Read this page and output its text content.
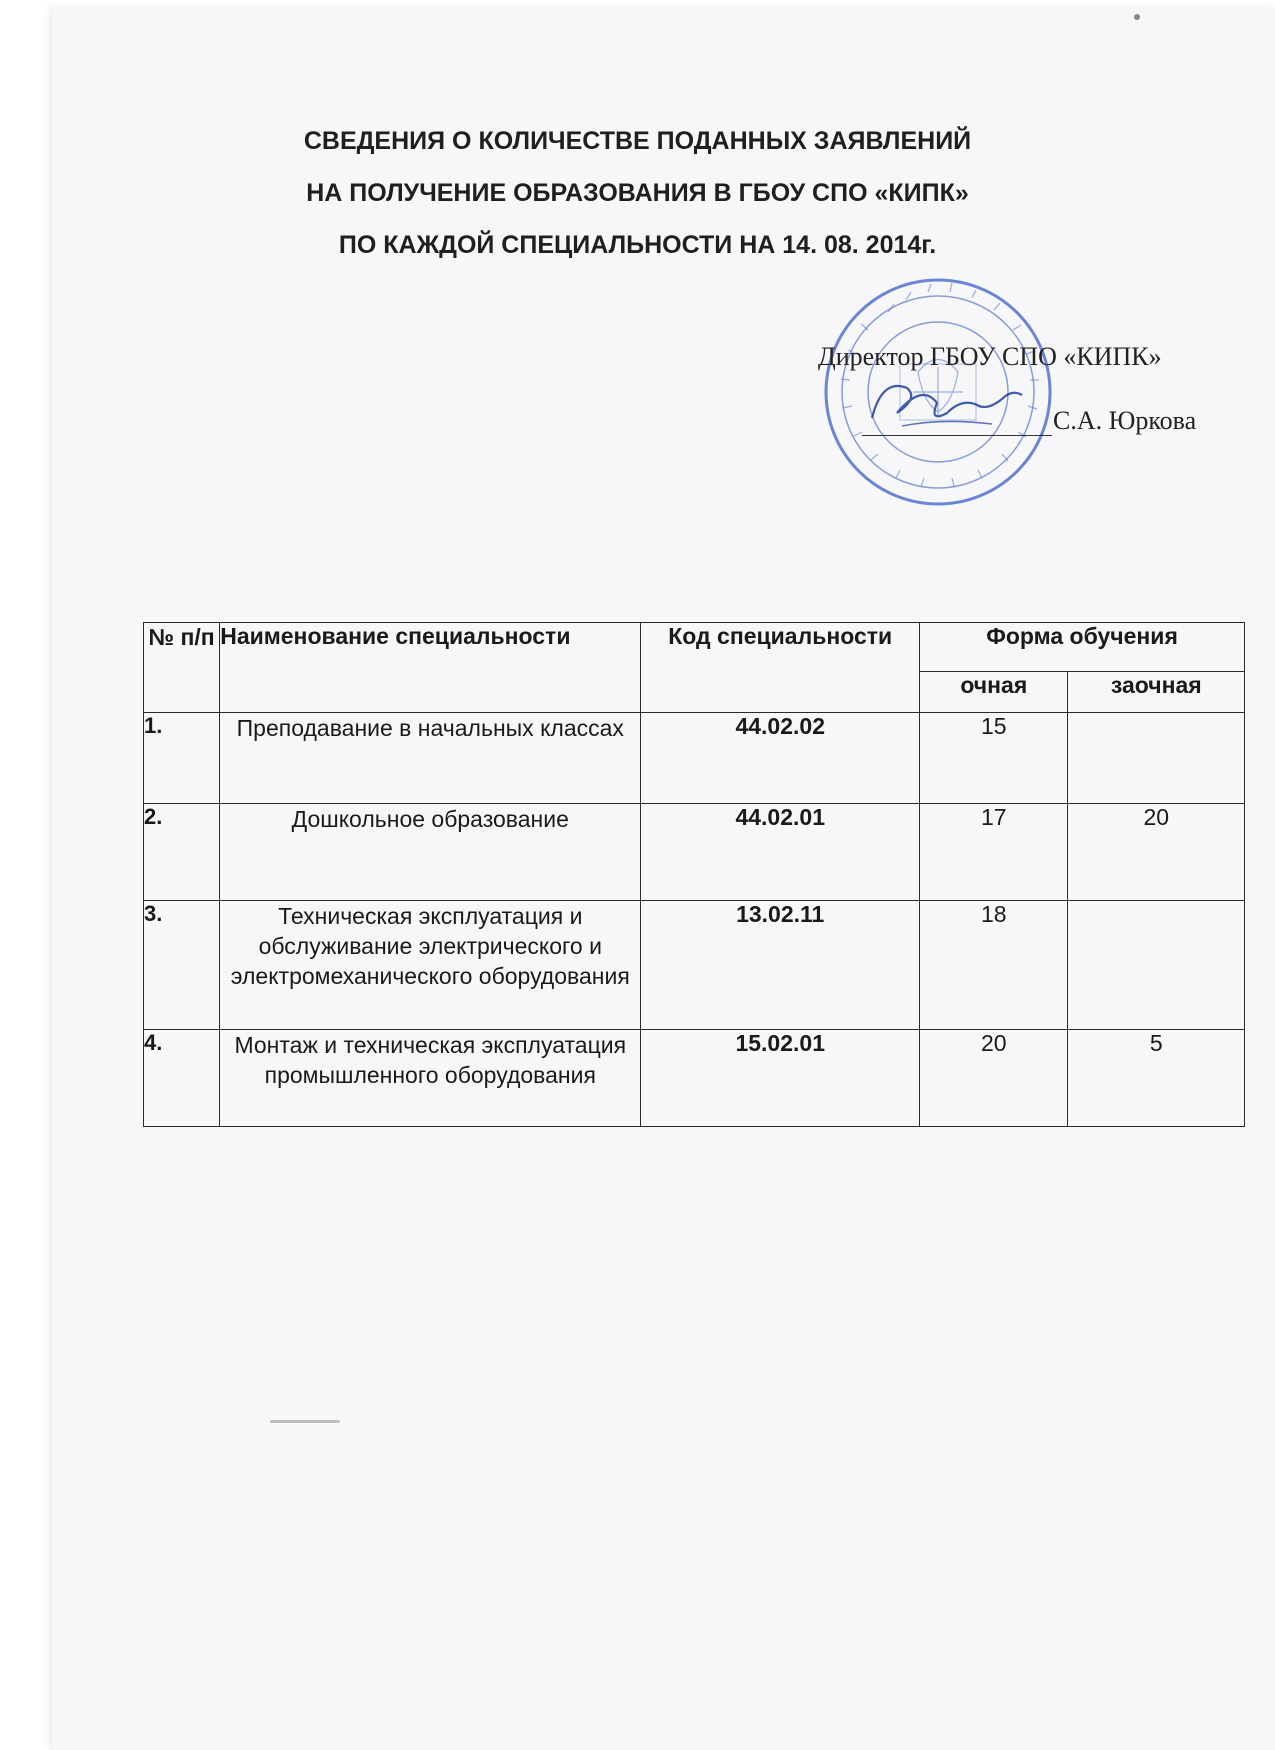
СВЕДЕНИЯ О КОЛИЧЕСТВЕ ПОДАННЫХ ЗАЯВЛЕНИЙ
НА ПОЛУЧЕНИЕ ОБРАЗОВАНИЯ В ГБОУ СПО «КИПК»
ПО КАЖДОЙ СПЕЦИАЛЬНОСТИ НА 14. 08. 2014г.
Директор ГБОУ СПО «КИПК»
С.А. Юркова
№ п/п	Наименование специальности	Код специальности	Форма обучения	
			очная	заочная
1.	Преподавание в начальных классах	44.02.02	15	
2.	Дошкольное образование	44.02.01	17	20
3.	Техническая эксплуатация и обслуживание электрического и электромеханического оборудования	13.02.11	18	
4.	Монтаж и техническая эксплуатация промышленного оборудования	15.02.01	20	5
